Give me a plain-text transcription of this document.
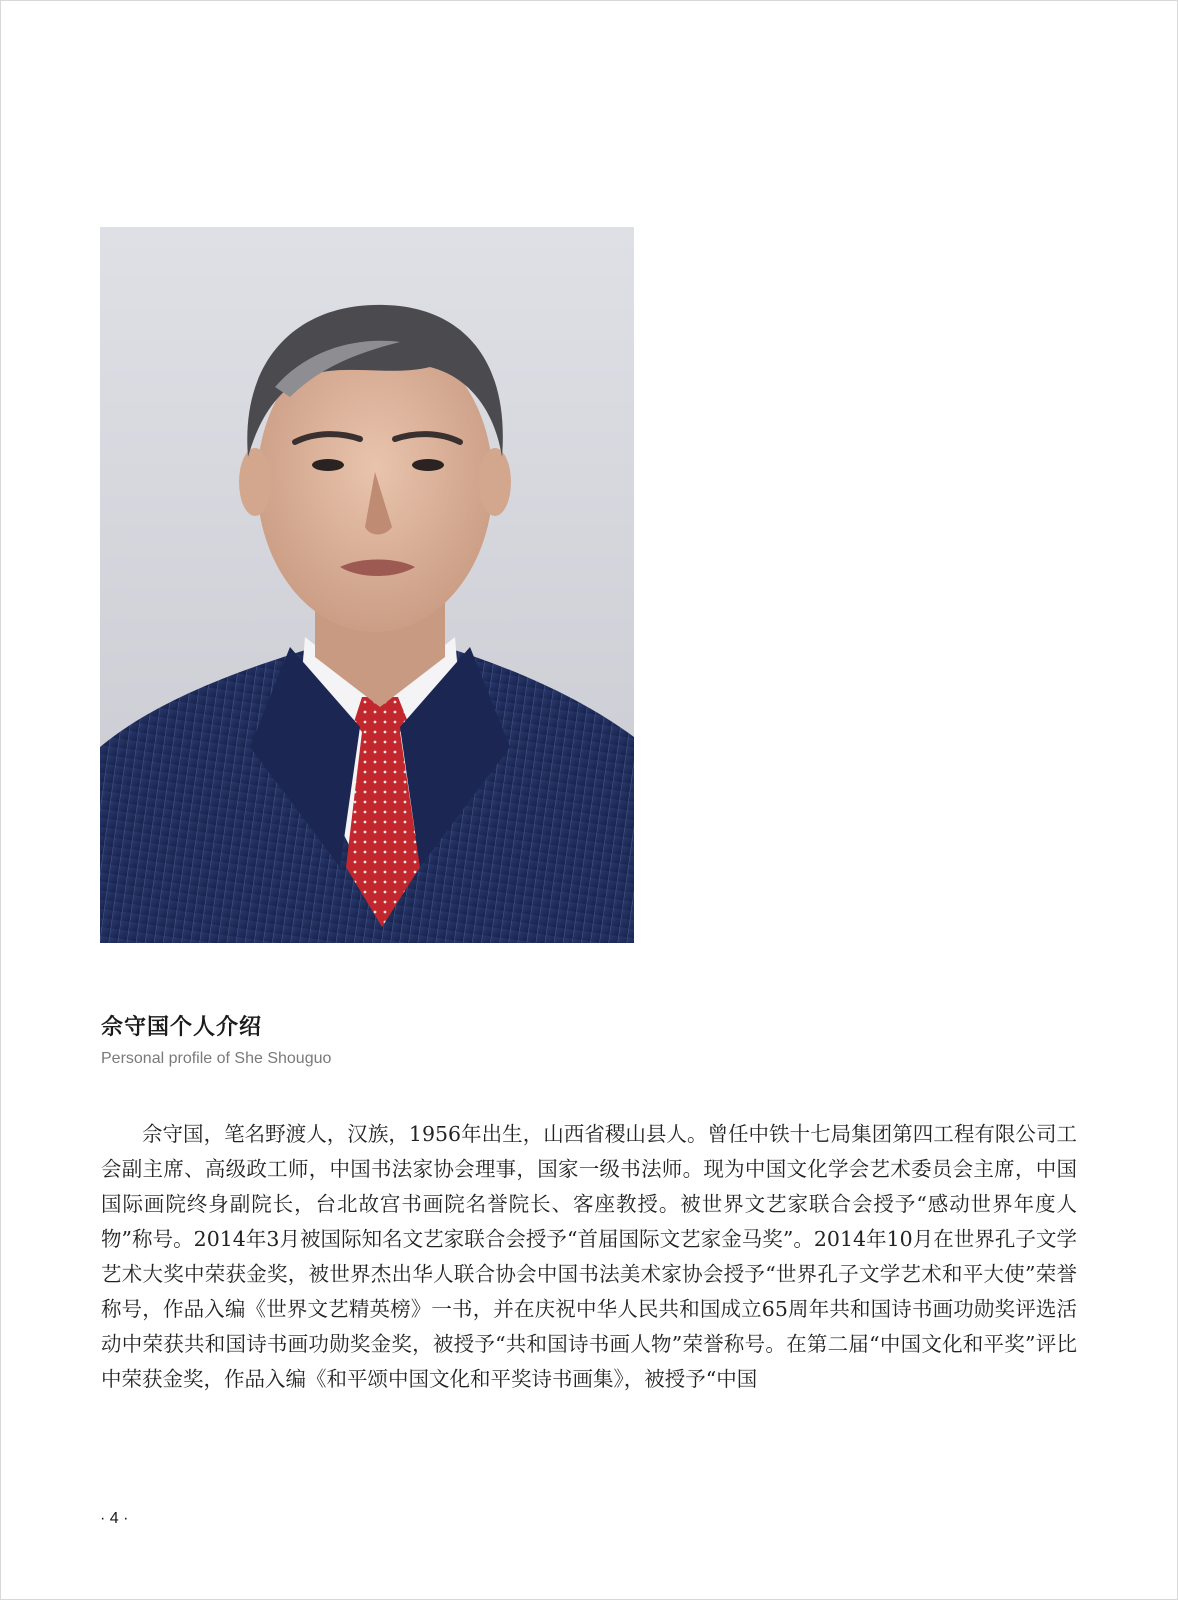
佘守国个人介绍
Personal profile of She Shouguo

佘守国，笔名野渡人，汉族，1956年出生，山西省稷山县人。曾任中铁十七局集团第四工程有限公司工会副主席、高级政工师，中国书法家协会理事，国家一级书法师。现为中国文化学会艺术委员会主席，中国国际画院终身副院长，台北故宫书画院名誉院长、客座教授。被世界文艺家联合会授予“感动世界年度人物”称号。2014年3月被国际知名文艺家联合会授予“首届国际文艺家金马奖”。2014年10月在世界孔子文学艺术大奖中荣获金奖，被世界杰出华人联合协会中国书法美术家协会授予“世界孔子文学艺术和平大使”荣誉称号，作品入编《世界文艺精英榜》一书，并在庆祝中华人民共和国成立65周年共和国诗书画功勋奖评选活动中荣获共和国诗书画功勋奖金奖，被授予“共和国诗书画人物”荣誉称号。在第二届“中国文化和平奖”评比中荣获金奖，作品入编《和平颂中国文化和平奖诗书画集》，被授予“中国

· 4 ·
